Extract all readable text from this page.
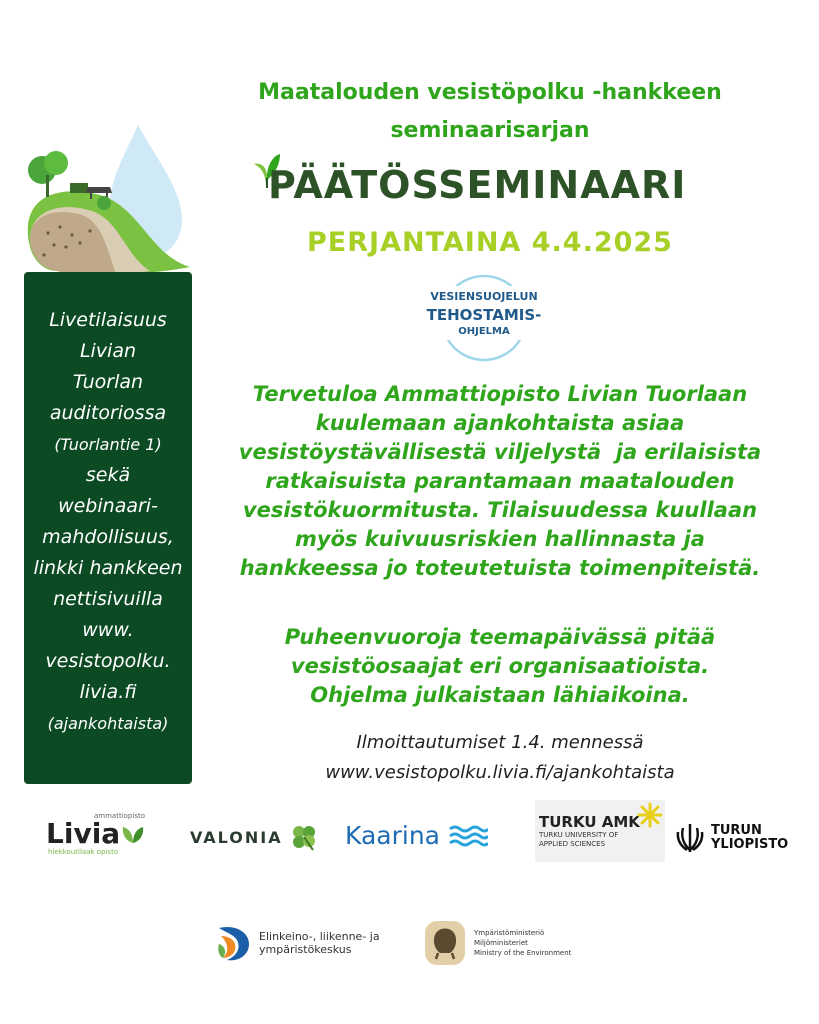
Maatalouden vesistöpolku -hankkeen
seminaarisarjan
PÄÄTÖSSEMINAARI
PERJANTAINA 4.4.2025
VESIENSUOJELUN
TEHOSTAMIS-
OHJELMA
Tervetuloa Ammattiopisto Livian Tuorlaan
kuulemaan ajankohtaista asiaa
vesistöystävällisestä viljelystä  ja erilaisista
ratkaisuista parantamaan maatalouden
vesistökuormitusta. Tilaisuudessa kuullaan
myös kuivuusriskien hallinnasta ja
hankkeessa jo toteutetuista toimenpiteistä.
Puheenvuoroja teemapäivässä pitää
vesistöosaajat eri organisaatioista.
Ohjelma julkaistaan lähiaikoina.
Ilmoittautumiset 1.4. mennessä
www.vesistopolku.livia.fi/ajankohtaista
Livetilaisuus
Livian
Tuorlan
auditoriossa
(Tuorlantie 1)
sekä
webinaari-
mahdollisuus,
linkki hankkeen
nettisivuilla
www.
vesistopolku.
livia.fi
(ajankohtaista)
ammattiopisto
Livia
hiekkoutilaak opisto
VALONIA Kaarina	TURKU AMK
TURKU UNIVERSITY OF
APPLIED SCIENCES
TURUN
YLIOPISTO
Elinkeino-, liikenne- ja
ympäristökeskus
Ympäristöministeriö
Miljöministeriet
Ministry of the Environment
